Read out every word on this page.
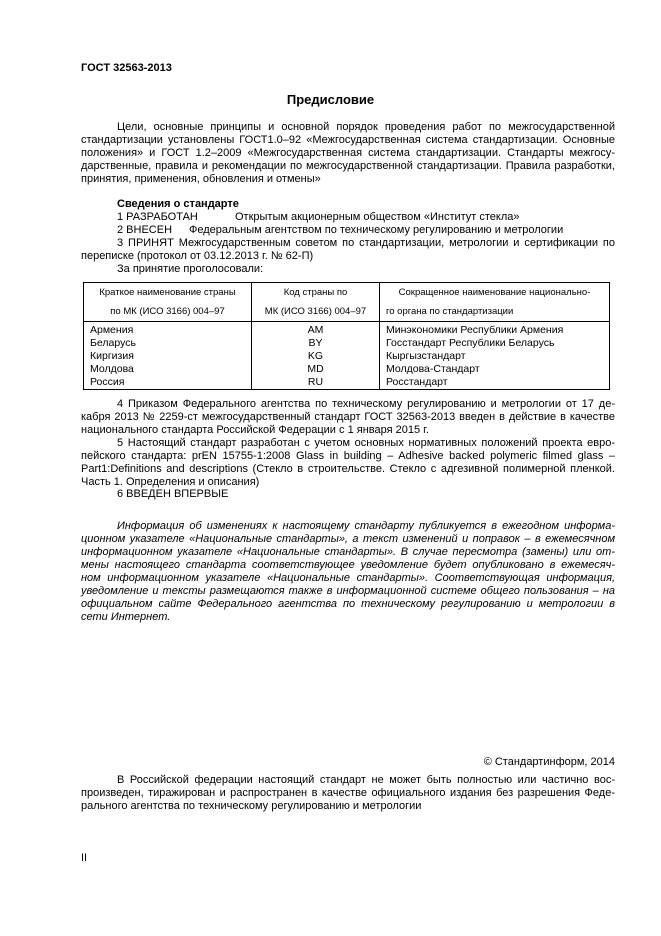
ГОСТ 32563-2013
Предисловие
Цели, основные принципы и основной порядок проведения работ по межгосударственной
стандартизации установлены ГОСТ1.0–92 «Межгосударственная система стандартизации. Основные
положения» и ГОСТ 1.2–2009 «Межгосударственная система стандартизации. Стандарты межгосу-
дарственные, правила и рекомендации по межгосударственной стандартизации. Правила разработки,
принятия, применения, обновления и отмены»
Сведения о стандарте
1 РАЗРАБОТАН	Открытым акционерным обществом «Институт стекла»
2 ВНЕСЕН Федеральным агентством по техническому регулированию и метрологии
3 ПРИНЯТ Межгосударственным советом по стандартизации, метрологии и сертификации по
переписке (протокол от 03.12.2013 г. № 62-П)
За принятие проголосовали:
Краткое наименование страны	Код страны по	Сокращенное наименование национально-
по МК (ИСО 3166) 004–97	МК (ИСО 3166) 004–97	го органа по стандартизации
Армения	AM	Минэкономики Республики Армения
Беларусь	BY	Госстандарт Республики Беларусь
Киргизия	KG	Кыргызстандарт
Молдова	MD	Молдова-Стандарт
Россия	RU	Росстандарт
4 Приказом Федерального агентства по техническому регулированию и метрологии от 17 де-
кабря 2013 № 2259-ст межгосударственный стандарт ГОСТ 32563-2013 введен в действие в качестве
национального стандарта Российской Федерации с 1 января 2015 г.
5 Настоящий стандарт разработан с учетом основных нормативных положений проекта евро-
пейского стандарта: prEN 15755-1:2008 Glass in building – Adhesive backed polymeric filmed glass –
Part1:Definitions and descriptions (Стекло в строительстве. Стекло с адгезивной полимерной пленкой.
Часть 1. Определения и описания)
6 ВВЕДЕН ВПЕРВЫЕ
Информация об изменениях к настоящему стандарту публикуется в ежегодном информа-
ционном указателе «Национальные стандарты», а текст изменений и поправок – в ежемесячном
информационном указателе «Национальные стандарты». В случае пересмотра (замены) или от-
мены настоящего стандарта соответствующее уведомление будет опубликовано в ежемесяч-
ном информационном указателе «Национальные стандарты». Соответствующая информация,
уведомление и тексты размещаются также в информационной системе общего пользования – на
официальном сайте Федерального агентства по техническому регулированию и метрологии в
сети Интернет.
© Стандартинформ, 2014
В Российской федерации настоящий стандарт не может быть полностью или частично вос-
произведен, тиражирован и распространен в качестве официального издания без разрешения Феде-
рального агентства по техническому регулированию и метрологии
II
